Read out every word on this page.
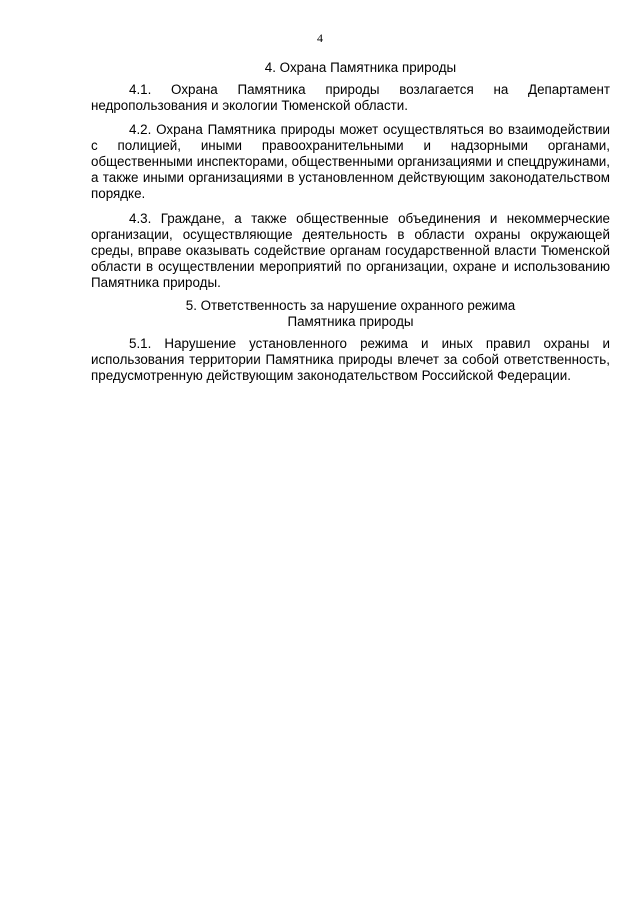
4

4. Охрана Памятника природы

4.1. Охрана Памятника природы возлагается на Департамент недропользования и экологии Тюменской области.

4.2. Охрана Памятника природы может осуществляться во взаимодействии с полицией, иными правоохранительными и надзорными органами, общественными инспекторами, общественными организациями и спецдружинами, а также иными организациями в установленном действующим законодательством порядке.

4.3. Граждане, а также общественные объединения и некоммерческие организации, осуществляющие деятельность в области охраны окружающей среды, вправе оказывать содействие органам государственной власти Тюменской области в осуществлении мероприятий по организации, охране и использованию Памятника природы.

5. Ответственность за нарушение охранного режима
Памятника природы

5.1. Нарушение установленного режима и иных правил охраны и использования территории Памятника природы влечет за собой ответственность, предусмотренную действующим законодательством Российской Федерации.
